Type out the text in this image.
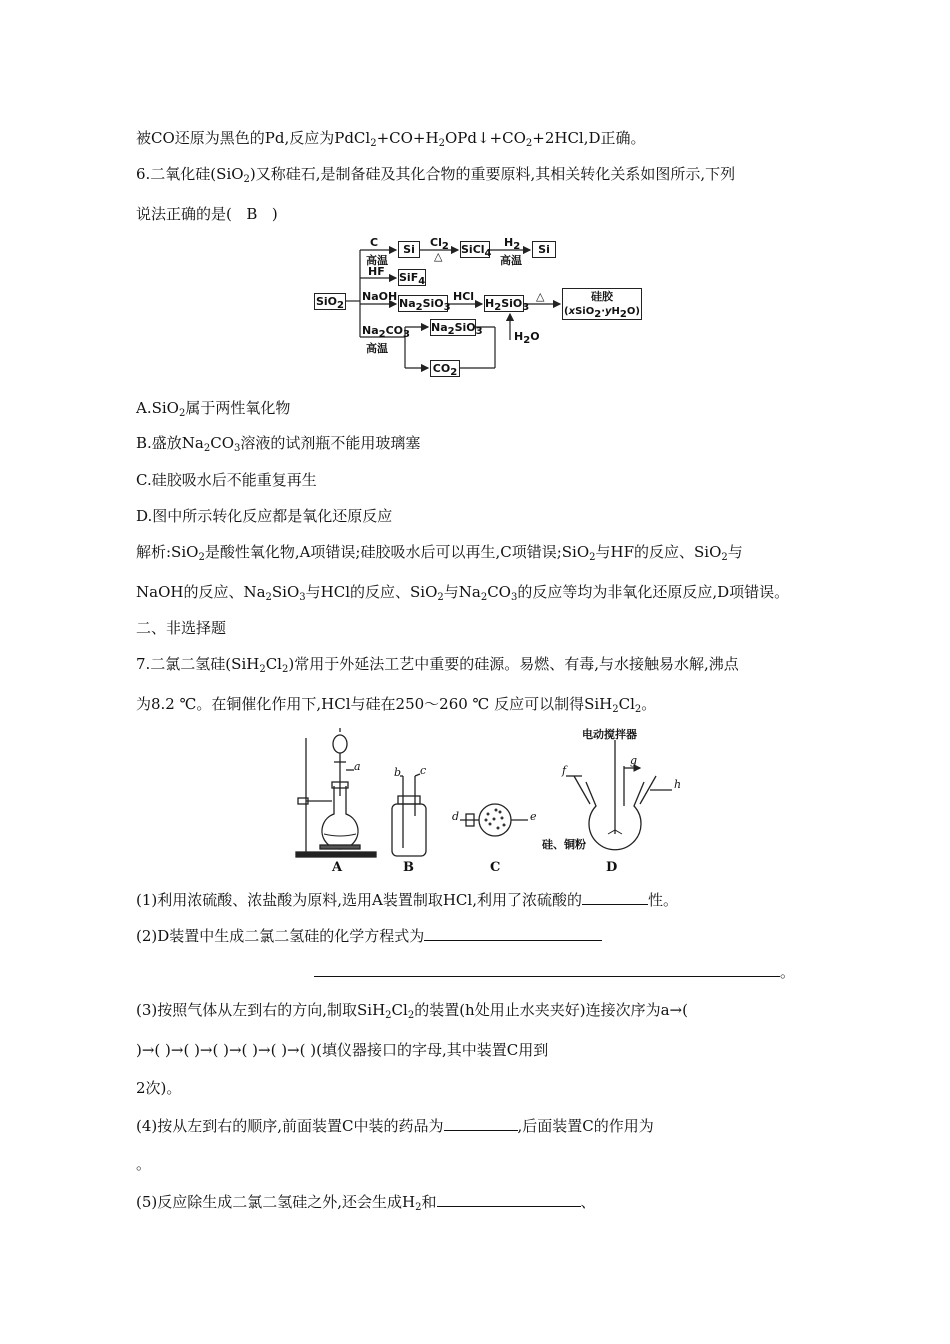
被CO还原为黑色的Pd,反应为$PdCl_2+CO+H_2OPd↓+CO_2+2HCl,D$正确。
6.二氧化硅(SiO$_2$)又称硅石,是制备硅及其化合物的重要原料,其相关转化关系如图所示,下列
说法正确的是( B )
SiO$_2$
Si	SiCl$_4$	Si
SiF$_4$
$Na_2SiO_3$	$H_2SiO_3$
硅胶
$(xSiO_2\cdot yH_2O)$
$Na_2SiO_3$
$CO_2$
C
高温
$Cl_2$
△
$H_2$
高温
HF
NaOH	HCl	△
$Na_2CO_3$
高温
$H_2O$
A.SiO$_2$属于两性氧化物
B.盛放$Na_2CO_3$溶液的试剂瓶不能用玻璃塞
C.硅胶吸水后不能重复再生
D.图中所示转化反应都是氧化还原反应
解析:SiO$_2$是酸性氧化物,A项错误;硅胶吸水后可以再生,C项错误;SiO$_2$与HF的反应、SiO$_2$与
NaOH的反应、$Na_2SiO_3$与HCl的反应、SiO$_2$与$Na_2CO_3$的反应等均为非氧化还原反应,D项错误。
二、非选择题
7.二氯二氢硅$(SiH_2Cl_2)$常用于外延法工艺中重要的硅源。易燃、有毒,与水接触易水解,沸点
为8.2 ℃。在铜催化作用下,HCl与硅在250～260 ℃ 反应可以制得$SiH_2Cl_2$。
A	B	C	D
a	b c
d	e
f
g
h
电动搅拌器
硅、铜粉
(1)利用浓硫酸、浓盐酸为原料,选用A装置制取HCl,利用了浓硫酸的	性。
(2)D装置中生成二氯二氢硅的化学方程式为
。
(3)按照气体从左到右的方向,制取$SiH_2Cl_2$的装置(h处用止水夹夹好)连接次序为a→(
)→( )→( )→( )→( )→( )→( )(填仪器接口的字母,其中装置C用到
2次)。
(4)按从左到右的顺序,前面装置C中装的药品为	,后面装置C的作用为
。
(5)反应除生成二氯二氢硅之外,还会生成$H_2$和	、
